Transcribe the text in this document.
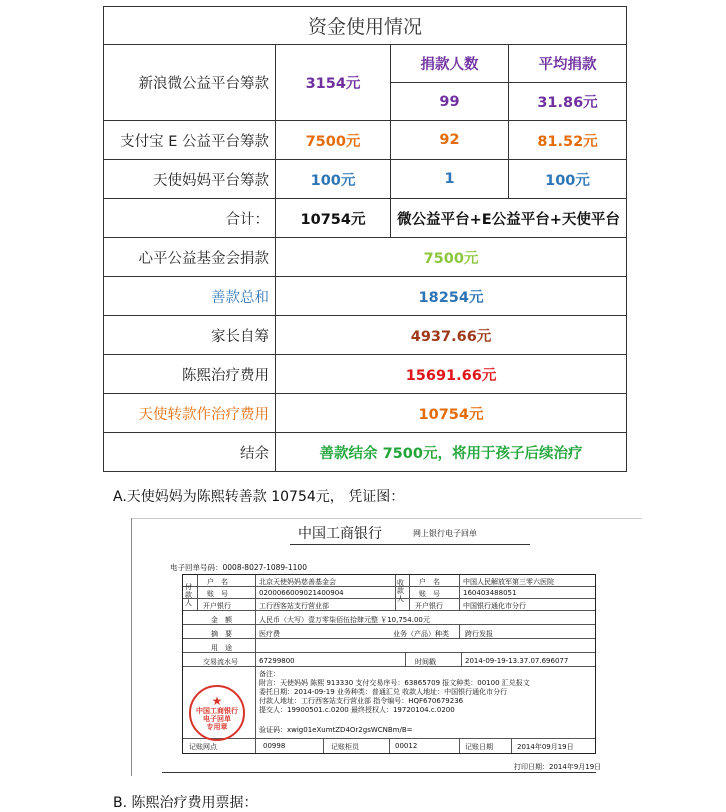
资金使用情况			
新浪微公益平台筹款	3154元	捐款人数	平均捐款
		99	31.86元
支付宝 E 公益平台筹款	7500元	92	81.52元
天使妈妈平台筹款	100元	1	100元
合计：	10754元	微公益平台+E公益平台+天使平台	
心平公益基金会捐款	7500元		
善款总和	18254元		
家长自筹	4937.66元		
陈熙治疗费用	15691.66元		
天使转款作治疗费用	10754元		
结余	善款结余 7500元，将用于孩子后续治疗		
A.天使妈妈为陈熙转善款 10754元， 凭证图：
中国工商银行	网上银行电子回单
电子回单号码：0008-8027-1089-1100
付款人
户　名	北京天使妈妈慈善基金会
账　号	0200066009021400904
开户银行	工行西客站支行营业部
收款人
户　名	中国人民解放军第三零六医院
账　号	160403488051
开户银行	中国银行通化市分行
金　额	人民币（大写）壹万零柒佰伍拾肆元整 ￥10,754.00元
摘　要	医疗费	业务（产品）种类 跨行发报
用　途
交易流水号	67299800	时间戳	2014-09-19-13.37.07.696077
备注：
附言：天使妈妈 陈熙 913330 支付交易序号：63865709 报文种类：00100 汇兑报文
委托日期：2014-09-19 业务种类：普通汇兑 收款人地址：中国银行通化市分行
付款人地址：工行西客站支行营业部 指令编号：HQF670679236
提交人：19900501.c.0200 最终授权人：19720104.c.0200
验证码：xwig01eXumtZD4Or2gsWCNBm/B=
记账网点	00998	记账柜员	00012	记账日期	2014年09月19日
★
中国工商银行
电子回单
专用章
打印日期：2014年9月19日
B. 陈熙治疗费用票据：
